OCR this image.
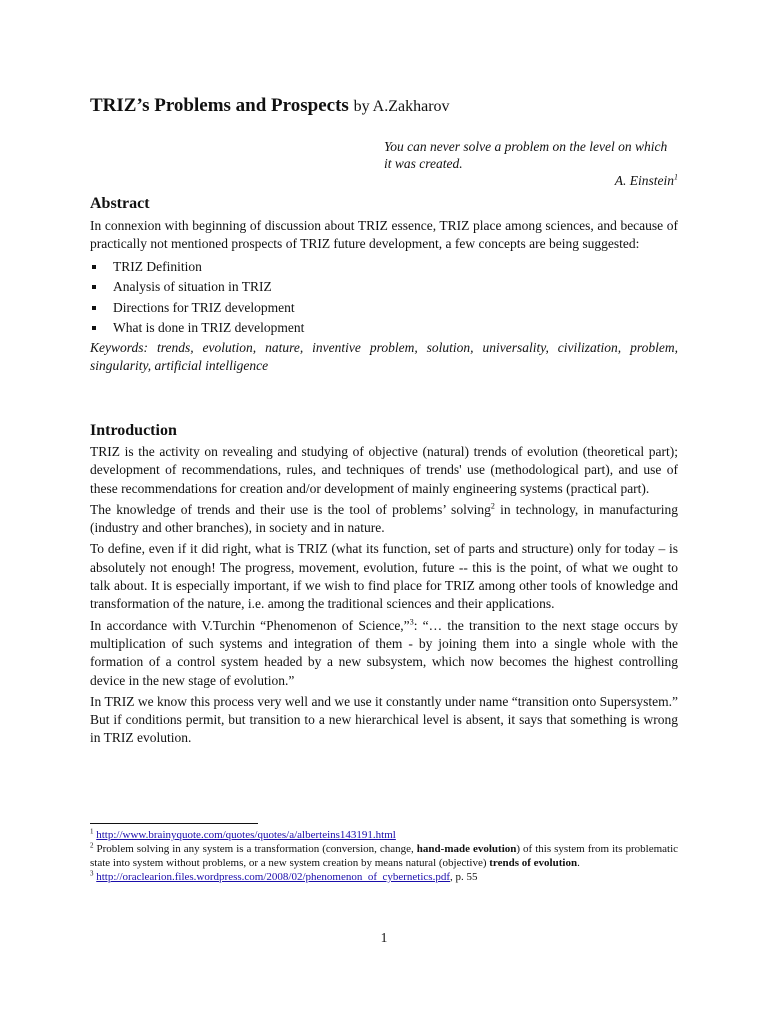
TRIZ’s Problems and Prospects by A.Zakharov
You can never solve a problem on the level on which it was created.
A. Einstein$^1$
Abstract

In connexion with beginning of discussion about TRIZ essence, TRIZ place among sciences, and because of practically not mentioned prospects of TRIZ future development, a few concepts are being suggested:

TRIZ Definition
Analysis of situation in TRIZ
Directions for TRIZ development
What is done in TRIZ development

Keywords: trends, evolution, nature, inventive problem, solution, universality, civilization, problem, singularity, artificial intelligence

Introduction

TRIZ is the activity on revealing and studying of objective (natural) trends of evolution (theoretical part); development of recommendations, rules, and techniques of trends' use (methodological part), and use of these recommendations for creation and/or development of mainly engineering systems (practical part).

The knowledge of trends and their use is the tool of problems’ solving$^2$ in technology, in manufacturing (industry and other branches), in society and in nature.

To define, even if it did right, what is TRIZ (what its function, set of parts and structure) only for today – is absolutely not enough! The progress, movement, evolution, future -- this is the point, of what we ought to talk about. It is especially important, if we wish to find place for TRIZ among other tools of knowledge and transformation of the nature, i.e. among the traditional sciences and their applications.

In accordance with V.Turchin “Phenomenon of Science,”$^3$: “… the transition to the next stage occurs by multiplication of such systems and integration of them - by joining them into a single whole with the formation of a control system headed by a new subsystem, which now becomes the highest controlling device in the new stage of evolution.”

In TRIZ we know this process very well and we use it constantly under name “transition onto Supersystem.” But if conditions permit, but transition to a new hierarchical level is absent, it says that something is wrong in TRIZ evolution.

$^1$ http://www.brainyquote.com/quotes/quotes/a/alberteins143191.html
$^2$ Problem solving in any system is a transformation (conversion, change, hand-made evolution) of this system from its problematic state into system without problems, or a new system creation by means natural (objective) trends of evolution.
$^3$ http://oraclearion.files.wordpress.com/2008/02/phenomenon_of_cybernetics.pdf, p. 55
1
